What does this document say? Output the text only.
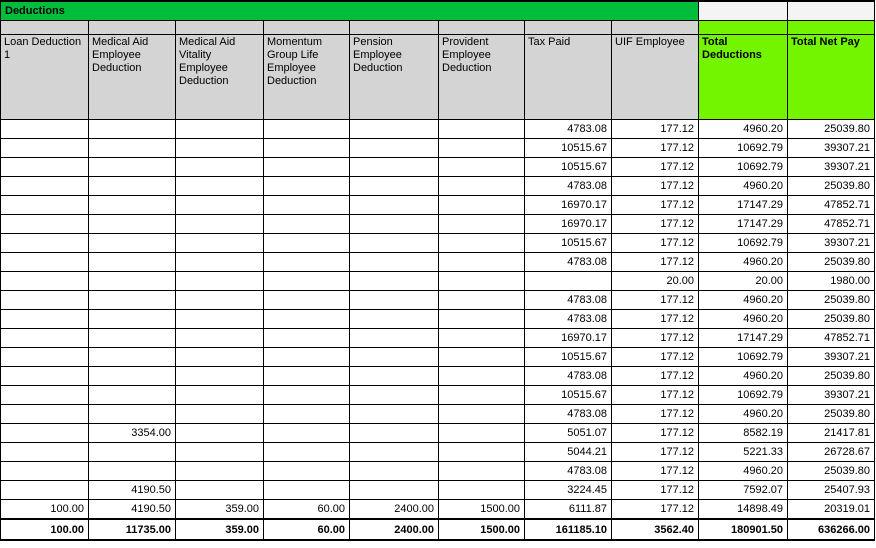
Deductions									

Loan Deduction 1	Medical Aid Employee Deduction	Medical Aid Vitality Employee Deduction	Momentum Group Life Employee Deduction	Pension Employee Deduction	Provident Employee Deduction	Tax Paid	UIF Employee	Total Deductions	Total Net Pay
						4783.08	177.12	4960.20	25039.80
						10515.67	177.12	10692.79	39307.21
						10515.67	177.12	10692.79	39307.21
						4783.08	177.12	4960.20	25039.80
						16970.17	177.12	17147.29	47852.71
						16970.17	177.12	17147.29	47852.71
						10515.67	177.12	10692.79	39307.21
						4783.08	177.12	4960.20	25039.80
							20.00	20.00	1980.00
						4783.08	177.12	4960.20	25039.80
						4783.08	177.12	4960.20	25039.80
						16970.17	177.12	17147.29	47852.71
						10515.67	177.12	10692.79	39307.21
						4783.08	177.12	4960.20	25039.80
						10515.67	177.12	10692.79	39307.21
						4783.08	177.12	4960.20	25039.80
	3354.00					5051.07	177.12	8582.19	21417.81
						5044.21	177.12	5221.33	26728.67
						4783.08	177.12	4960.20	25039.80
	4190.50					3224.45	177.12	7592.07	25407.93
100.00	4190.50	359.00	60.00	2400.00	1500.00	6111.87	177.12	14898.49	20319.01
100.00	11735.00	359.00	60.00	2400.00	1500.00	161185.10	3562.40	180901.50	636266.00
